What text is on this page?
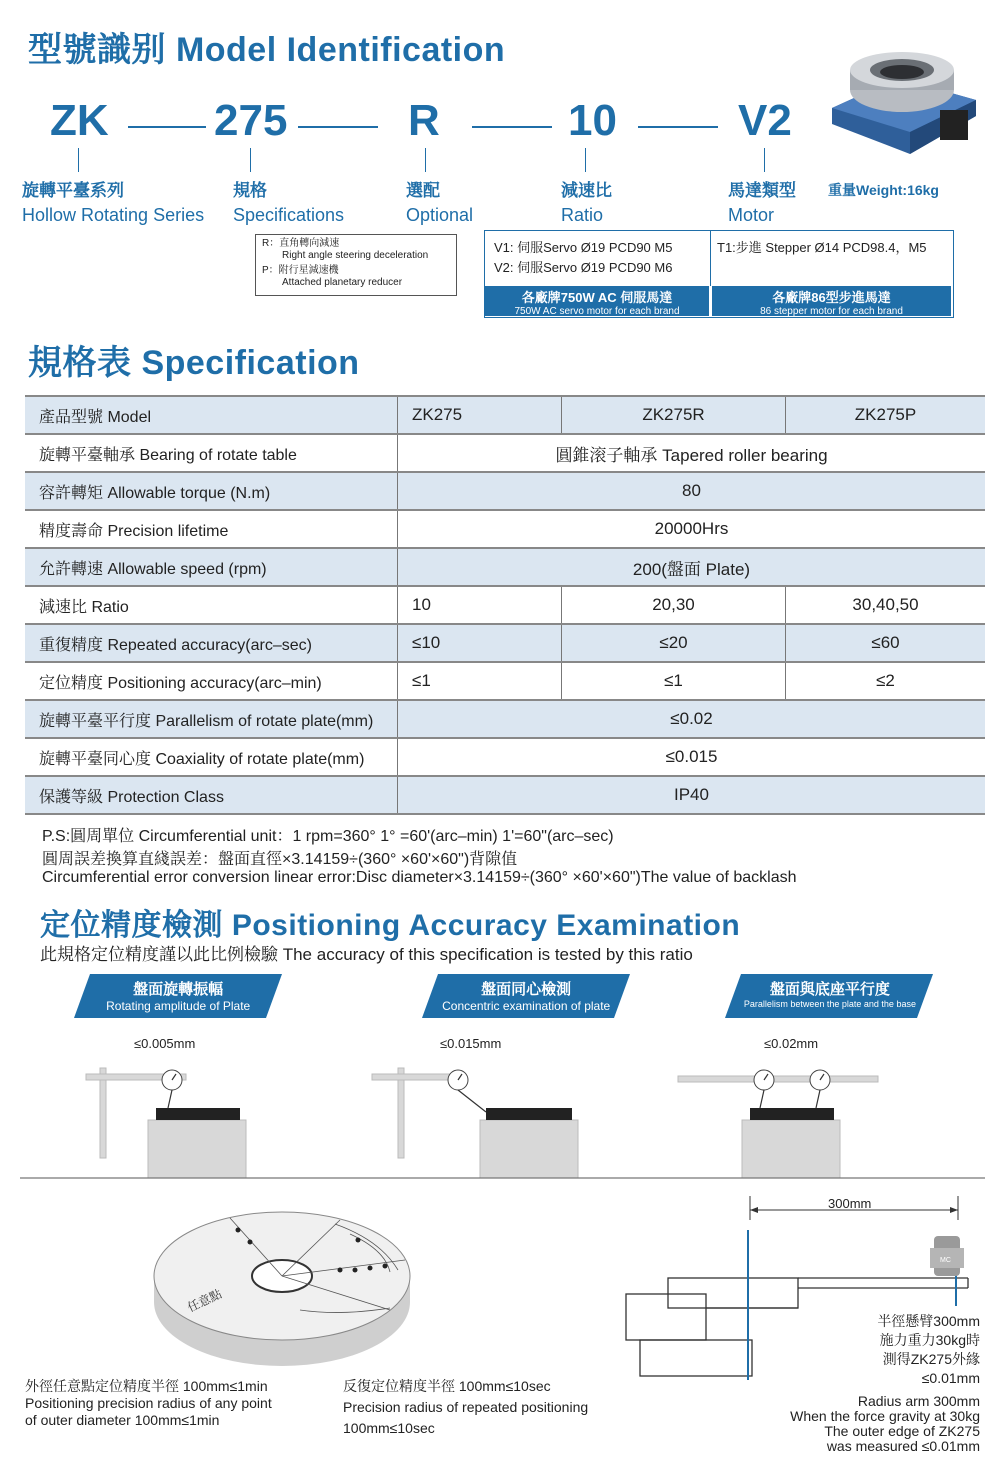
型號識别 Model Identification
ZK 275	R	10	V2
旋轉平臺系列
Hollow Rotating Series
規格
Specifications
選配
Optional
減速比
Ratio
馬達類型
Motor
重量Weight:16kg
R：直角轉向減速
Right angle steering deceleration
P：附行星減速機
Attached planetary reducer
V1: 伺服Servo Ø19 PCD90 M5
V2: 伺服Servo Ø19 PCD90 M6
T1:步進 Stepper Ø14 PCD98.4，M5
各廠牌750W AC 伺服馬達
750W AC servo motor for each brand
各廠牌86型步進馬達
86 stepper motor for each brand
規格表 Specification
產品型號 Model	ZK275	ZK275R	ZK275P
旋轉平臺軸承 Bearing of rotate table	圓錐滚子軸承 Tapered roller bearing		
容許轉矩 Allowable torque (N.m)	80		
精度壽命 Precision lifetime	20000Hrs		
允許轉速 Allowable speed (rpm)	200(盤面 Plate)		
減速比 Ratio	10	20,30	30,40,50
重復精度 Repeated accuracy(arc–sec)	≤10	≤20	≤60
定位精度 Positioning accuracy(arc–min)	≤1	≤1	≤2
旋轉平臺平行度 Parallelism of rotate plate(mm)	≤0.02		
旋轉平臺同心度 Coaxiality of rotate plate(mm)	≤0.015		
保護等級 Protection Class	IP40		
P.S:圓周單位 Circumferential unit：1 rpm=360° 1° =60'(arc–min) 1'=60"(arc–sec)
圓周誤差換算直綫誤差：盤面直徑×3.14159÷(360° ×60'×60")背隙值
Circumferential error conversion linear error:Disc diameter×3.14159÷(360° ×60'×60")The value of backlash
定位精度檢測 Positioning Accuracy Examination
此規格定位精度謹以此比例檢驗 The accuracy of this specification is tested by this ratio
盤面旋轉振幅
Rotating amplitude of Plate
盤面同心檢測
Concentric examination of plate
盤面與底座平行度
Parallelism between the plate and the base
≤0.005mm	≤0.015mm	≤0.02mm
任意點
300mm
MC
外徑任意點定位精度半徑 100mm≤1min
Positioning precision radius of any point
of outer diameter 100mm≤1min
反復定位精度半徑 100mm≤10sec
Precision radius of repeated positioning
100mm≤10sec
半徑懸臂300mm
施力重力30kg時
測得ZK275外緣
≤0.01mm
Radius arm 300mm
When the force gravity at 30kg
The outer edge of ZK275
was measured ≤0.01mm
